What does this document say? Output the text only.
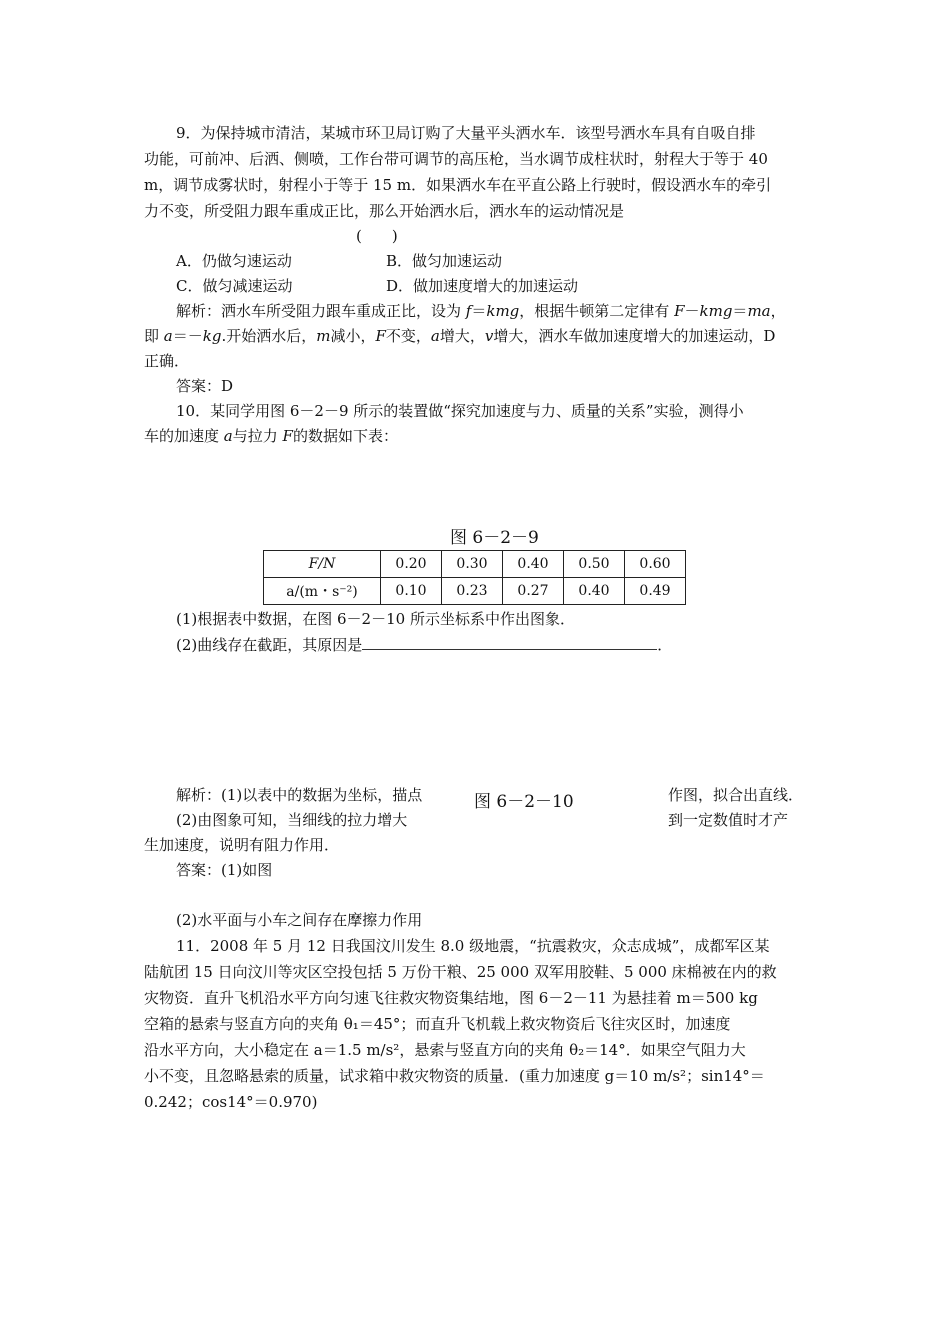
9．为保持城市清洁，某城市环卫局订购了大量平头洒水车．该型号洒水车具有自吸自排
功能，可前冲、后洒、侧喷，工作台带可调节的高压枪，当水调节成柱状时，射程大于等于 40
m，调节成雾状时，射程小于等于 15 m．如果洒水车在平直公路上行驶时，假设洒水车的牵引
力不变，所受阻力跟车重成正比，那么开始洒水后，洒水车的运动情况是
(　　)
A．仍做匀速运动	B．做匀加速运动
C．做匀减速运动	D．做加速度增大的加速运动
解析：洒水车所受阻力跟车重成正比，设为 f＝kmg，根据牛顿第二定律有 F－kmg＝ma，
即 a＝－kg.开始洒水后，m减小，F不变，a增大，v增大，洒水车做加速度增大的加速运动，D
正确．
答案：D
10．某同学用图 6－2－9 所示的装置做“探究加速度与力、质量的关系”实验，测得小
车的加速度 a与拉力 F的数据如下表：
图 6－2－9
F/N	0.20	0.30	0.40	0.50	0.60
a/(m・s⁻²)	0.10	0.23	0.27	0.40	0.49
(1)根据表中数据，在图 6－2－10 所示坐标系中作出图象．
(2)曲线存在截距，其原因是	．
解析：(1)以表中的数据为坐标，描点	图 6－2－10	作图，拟合出直线．
(2)由图象可知，当细线的拉力增大	到一定数值时才产
生加速度，说明有阻力作用．
答案：(1)如图
(2)水平面与小车之间存在摩擦力作用
11．2008 年 5 月 12 日我国汶川发生 8.0 级地震，“抗震救灾，众志成城”，成都军区某
陆航团 15 日向汶川等灾区空投包括 5 万份干粮、25 000 双军用胶鞋、5 000 床棉被在内的救
灾物资．直升飞机沿水平方向匀速飞往救灾物资集结地，图 6－2－11 为悬挂着 m＝500 kg
空箱的悬索与竖直方向的夹角 θ₁＝45°；而直升飞机载上救灾物资后飞往灾区时，加速度
沿水平方向，大小稳定在 a＝1.5 m/s²，悬索与竖直方向的夹角 θ₂＝14°．如果空气阻力大
小不变，且忽略悬索的质量，试求箱中救灾物资的质量．(重力加速度 g＝10 m/s²；sin14°＝
0.242；cos14°＝0.970)
